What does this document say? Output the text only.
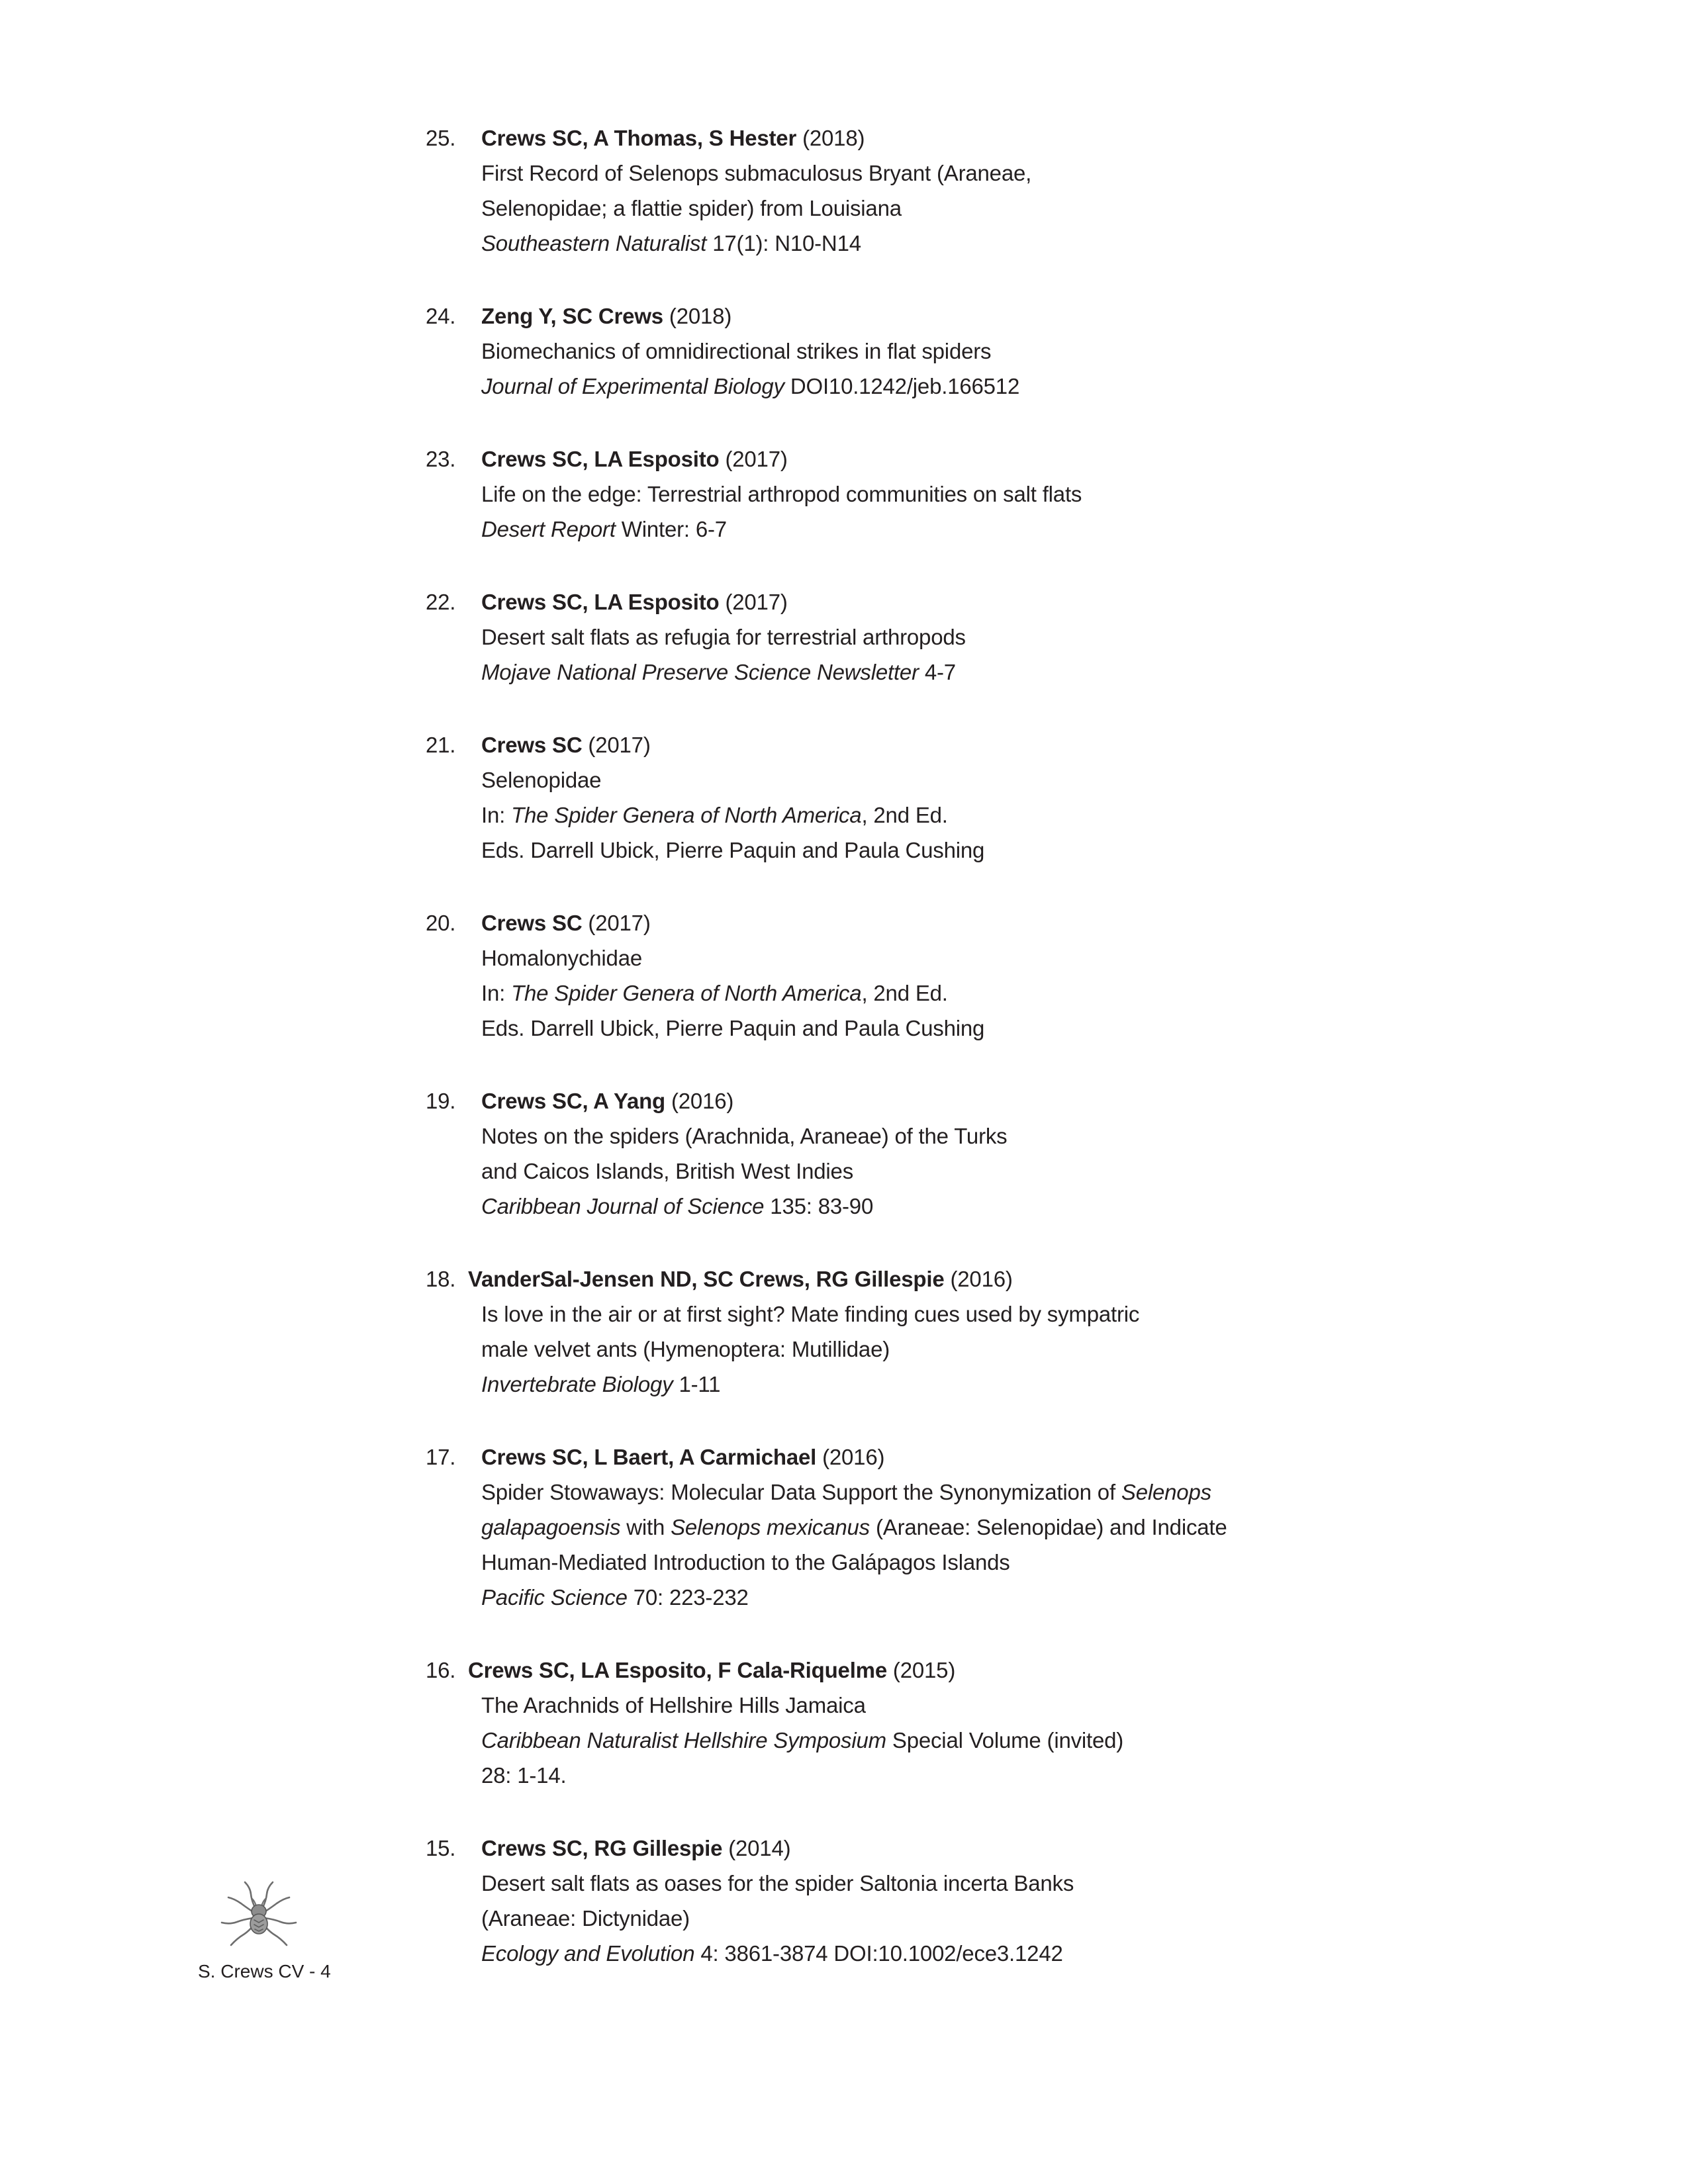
25. Crews SC, A Thomas, S Hester (2018)
First Record of Selenops submaculosus Bryant (Araneae,
Selenopidae; a flattie spider) from Louisiana
Southeastern Naturalist 17(1): N10-N14
24. Zeng Y, SC Crews (2018)
Biomechanics of omnidirectional strikes in flat spiders
Journal of Experimental Biology DOI10.1242/jeb.166512
23. Crews SC, LA Esposito (2017)
Life on the edge: Terrestrial arthropod communities on salt flats
Desert Report Winter: 6-7
22. Crews SC, LA Esposito (2017)
Desert salt flats as refugia for terrestrial arthropods
Mojave National Preserve Science Newsletter 4-7
21. Crews SC (2017)
Selenopidae
In: The Spider Genera of North America, 2nd Ed.
Eds. Darrell Ubick, Pierre Paquin and Paula Cushing
20. Crews SC (2017)
Homalonychidae
In: The Spider Genera of North America, 2nd Ed.
Eds. Darrell Ubick, Pierre Paquin and Paula Cushing
19. Crews SC, A Yang (2016)
Notes on the spiders (Arachnida, Araneae) of the Turks
and Caicos Islands, British West Indies
Caribbean Journal of Science 135: 83-90
18. VanderSal-Jensen ND, SC Crews, RG Gillespie (2016)
Is love in the air or at first sight? Mate finding cues used by sympatric
male velvet ants (Hymenoptera: Mutillidae)
Invertebrate Biology 1-11
17. Crews SC, L Baert, A Carmichael (2016)
Spider Stowaways: Molecular Data Support the Synonymization of Selenops
galapagoensis with Selenops mexicanus (Araneae: Selenopidae) and Indicate
Human-Mediated Introduction to the Galápagos Islands
Pacific Science 70: 223-232
16. Crews SC, LA Esposito, F Cala-Riquelme (2015)
The Arachnids of Hellshire Hills Jamaica
Caribbean Naturalist Hellshire Symposium Special Volume (invited)
28: 1-14.
15. Crews SC, RG Gillespie (2014)
Desert salt flats as oases for the spider Saltonia incerta Banks
(Araneae: Dictynidae)
Ecology and Evolution 4: 3861-3874 DOI:10.1002/ece3.1242
S. Crews CV - 4
